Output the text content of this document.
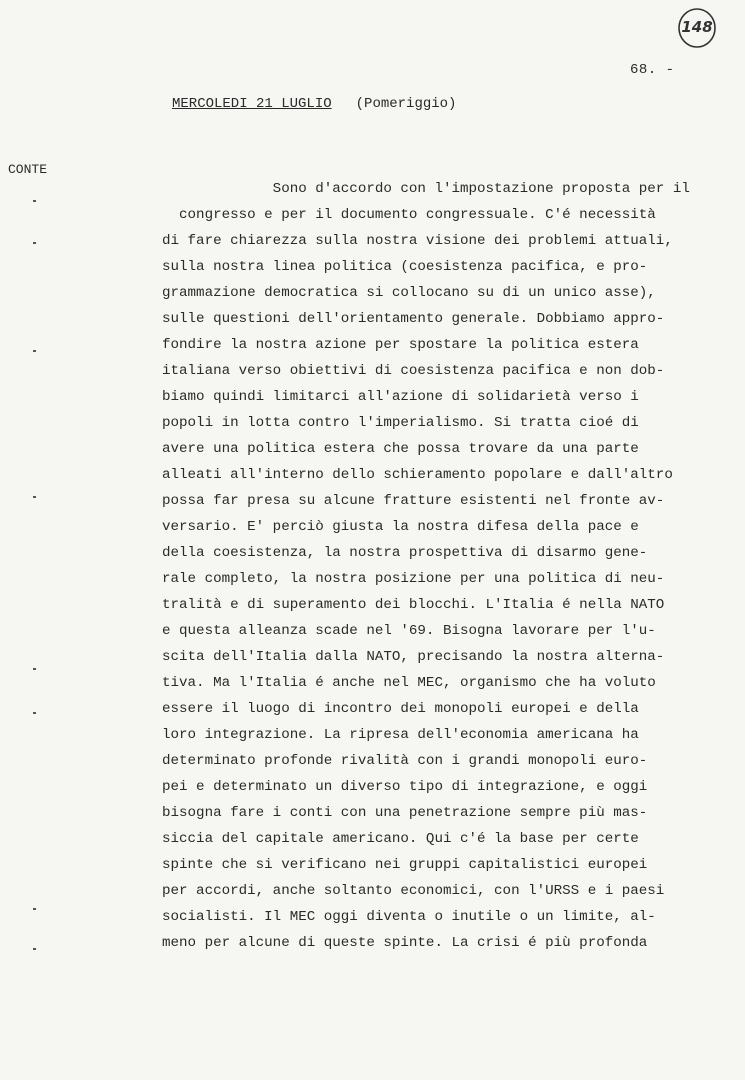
148
68. -
MERCOLEDI 21 LUGLIO (Pomeriggio)
CONTE
Sono d'accordo con l'impostazione proposta per il
congresso e per il documento congressuale. C'é necessità
di fare chiarezza sulla nostra visione dei problemi attuali,
sulla nostra linea politica (coesistenza pacifica, e pro-
grammazione democratica si collocano su di un unico asse),
sulle questioni dell'orientamento generale. Dobbiamo appro-
fondire la nostra azione per spostare la politica estera
italiana verso obiettivi di coesistenza pacifica e non dob-
biamo quindi limitarci all'azione di solidarietà verso i
popoli in lotta contro l'imperialismo. Si tratta cioé di
avere una politica estera che possa trovare da una parte
alleati all'interno dello schieramento popolare e dall'altro
possa far presa su alcune fratture esistenti nel fronte av-
versario. E' perciò giusta la nostra difesa della pace e
della coesistenza, la nostra prospettiva di disarmo gene-
rale completo, la nostra posizione per una politica di neu-
tralità e di superamento dei blocchi. L'Italia é nella NATO
e questa alleanza scade nel '69. Bisogna lavorare per l'u-
scita dell'Italia dalla NATO, precisando la nostra alterna-
tiva. Ma l'Italia é anche nel MEC, organismo che ha voluto
essere il luogo di incontro dei monopoli europei e della
loro integrazione. La ripresa dell'economia americana ha
determinato profonde rivalità con i grandi monopoli euro-
pei e determinato un diverso tipo di integrazione, e oggi
bisogna fare i conti con una penetrazione sempre più mas-
siccia del capitale americano. Qui c'é la base per certe
spinte che si verificano nei gruppi capitalistici europei
per accordi, anche soltanto economici, con l'URSS e i paesi
socialisti. Il MEC oggi diventa o inutile o un limite, al-
meno per alcune di queste spinte. La crisi é più profonda
